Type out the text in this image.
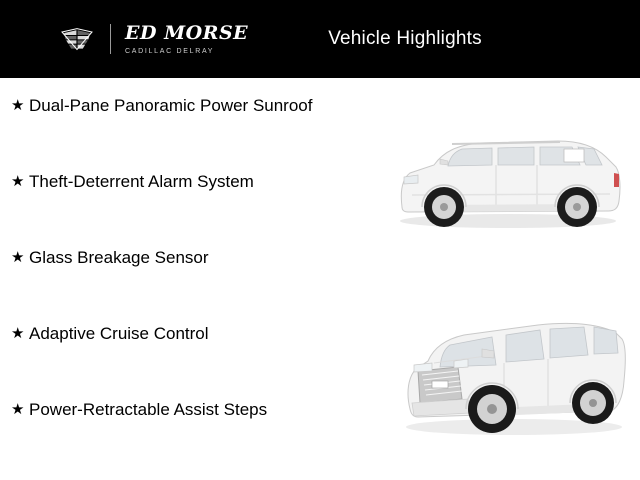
ED MORSE
CADILLAC DELRAY
Vehicle Highlights
★ Dual-Pane Panoramic Power Sunroof
★ Theft-Deterrent Alarm System
★ Glass Breakage Sensor
★ Adaptive Cruise Control
★ Power-Retractable Assist Steps
